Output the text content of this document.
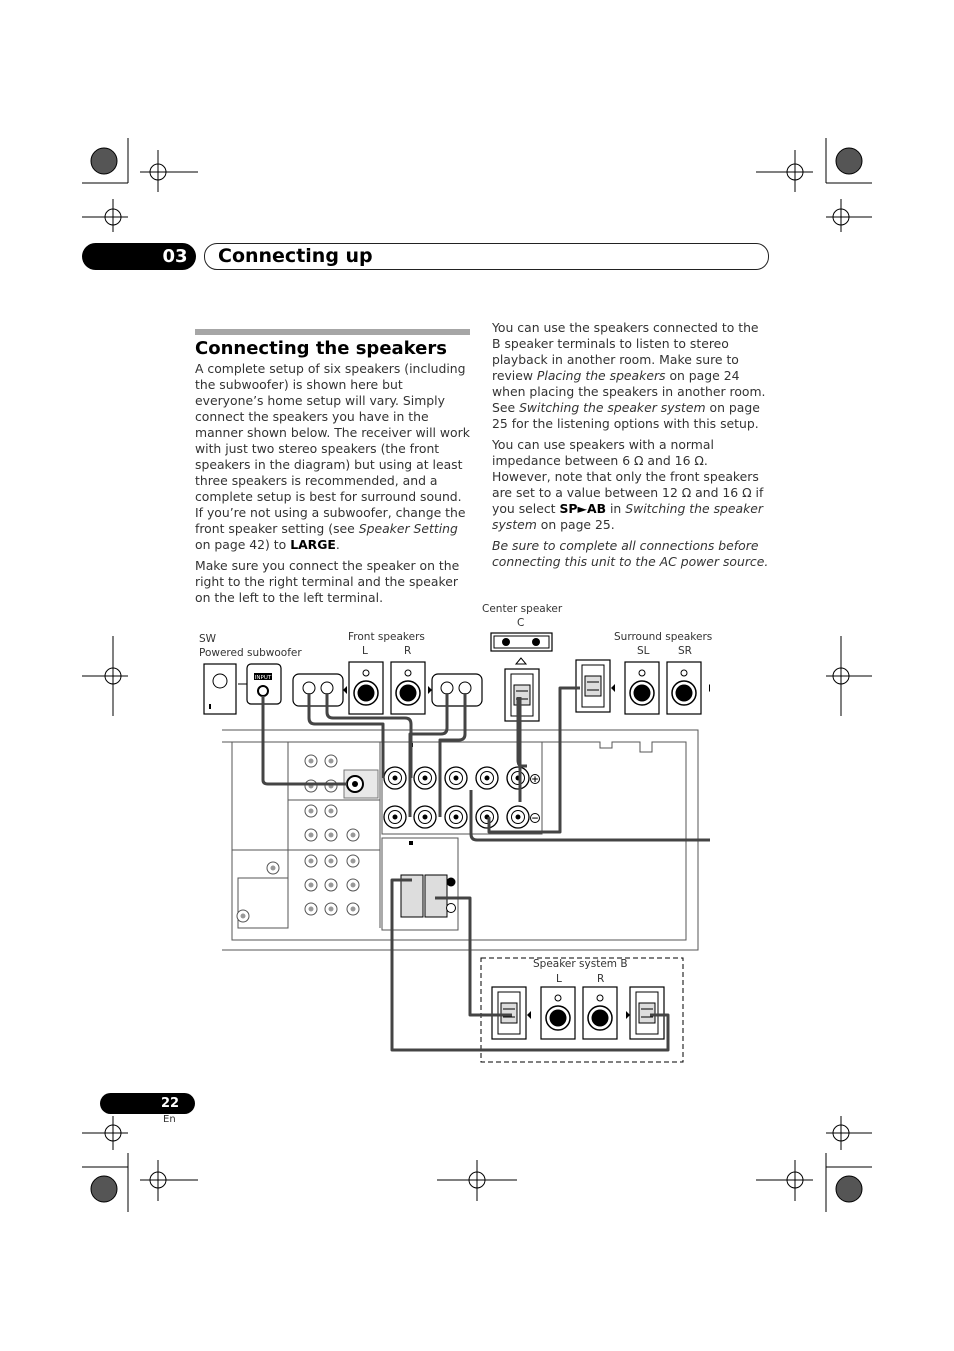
03 Connecting up
Connecting the speakers

A complete setup of six speakers (including the subwoofer) is shown here but everyone’s home setup will vary. Simply connect the speakers you have in the manner shown below. The receiver will work with just two stereo speakers (the front speakers in the diagram) but using at least three speakers is recommended, and a complete setup is best for surround sound. If you’re not using a subwoofer, change the front speaker setting (see Speaker Setting on page 42) to LARGE.

Make sure you connect the speaker on the right to the right terminal and the speaker on the left to the left terminal.

You can use the speakers connected to the B speaker terminals to listen to stereo playback in another room. Make sure to review Placing the speakers on page 24 when placing the speakers in another room. See Switching the speaker system on page 25 for the listening options with this setup.

You can use speakers with a normal impedance between 6 Ω and 16 Ω. However, note that only the front speakers are set to a value between 12 Ω and 16 Ω if you select SP►AB in Switching the speaker system on page 25.

Be sure to complete all connections before connecting this unit to the AC power source.

SW
Powered subwoofer
Front speakers
L	R
Center speaker
C
Surround speakers
SL	SR
Speaker system B
L	R
+
−
INPUT
22
En
